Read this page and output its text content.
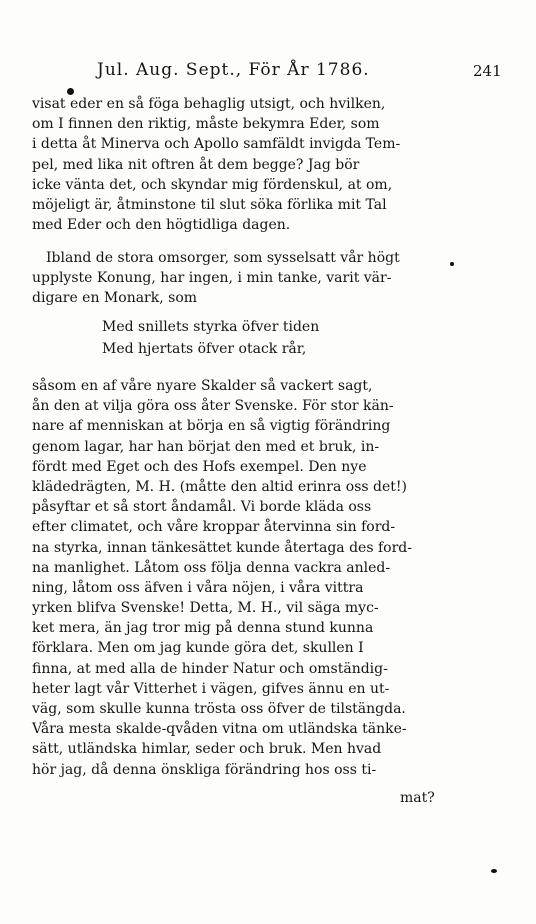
Jul. Aug. Sept., För År 1786.	241
visat eder en så föga behaglig utsigt, och hvilken,
om I finnen den riktig, måste bekymra Eder, som
i detta åt Minerva och Apollo samfäldt invigda Tem-
pel, med lika nit oftren åt dem begge? Jag bör
icke vänta det, och skyndar mig fördenskul, at om,
möjeligt är, åtminstone til slut söka förlika mit Tal
med Eder och den högtidliga dagen.
Ibland de stora omsorger, som sysselsatt vår högt
upplyste Konung, har ingen, i min tanke, varit vär-
digare en Monark, som
Med snillets styrka öfver tiden
Med hjertats öfver otack rår,
såsom en af våre nyare Skalder så vackert sagt,
ån den at vilja göra oss åter Svenske. För stor kän-
nare af menniskan at börja en så vigtig förändring
genom lagar, har han börjat den med et bruk, in-
fördt med Eget och des Hofs exempel. Den nye
klädedrägten, M. H. (måtte den altid erinra oss det!)
påsyftar et så stort åndamål. Vi borde kläda oss
efter climatet, och våre kroppar återvinna sin ford-
na styrka, innan tänkesättet kunde återtaga des ford-
na manlighet. Låtom oss följa denna vackra anled-
ning, låtom oss äfven i våra nöjen, i våra vittra
yrken blifva Svenske! Detta, M. H., vil säga myc-
ket mera, än jag tror mig på denna stund kunna
förklara. Men om jag kunde göra det, skullen I
finna, at med alla de hinder Natur och omständig-
heter lagt vår Vitterhet i vägen, gifves ännu en ut-
väg, som skulle kunna trösta oss öfver de tilstängda.
Våra mesta skalde-qvåden vitna om utländska tänke-
sätt, utländska himlar, seder och bruk. Men hvad
hör jag, då denna önskliga förändring hos oss ti-
mat?
